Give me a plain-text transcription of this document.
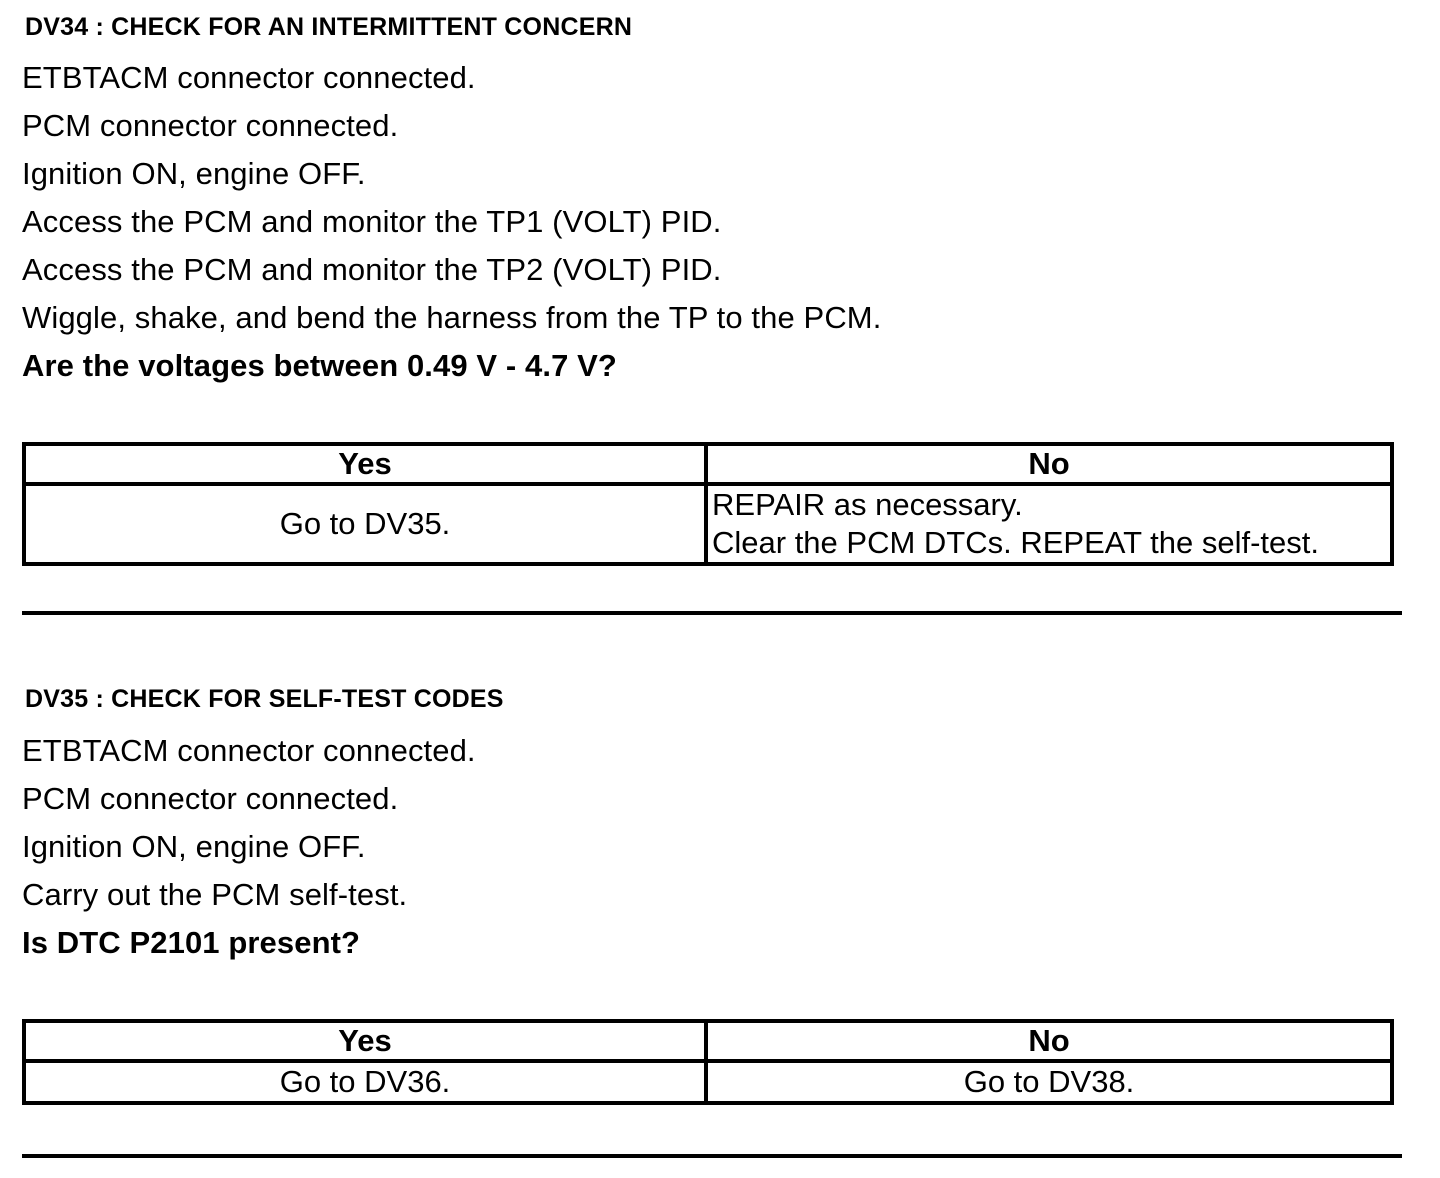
DV34 : CHECK FOR AN INTERMITTENT CONCERN
ETBTACM connector connected.
PCM connector connected.
Ignition ON, engine OFF.
Access the PCM and monitor the TP1 (VOLT) PID.
Access the PCM and monitor the TP2 (VOLT) PID.
Wiggle, shake, and bend the harness from the TP to the PCM.
Are the voltages between 0.49 V - 4.7 V?
Yes	No

Go to DV35.	REPAIR as necessary.
Clear the PCM DTCs. REPEAT the self-test.
DV35 : CHECK FOR SELF-TEST CODES
ETBTACM connector connected.
PCM connector connected.
Ignition ON, engine OFF.
Carry out the PCM self-test.
Is DTC P2101 present?
Yes	No

Go to DV36.	Go to DV38.
